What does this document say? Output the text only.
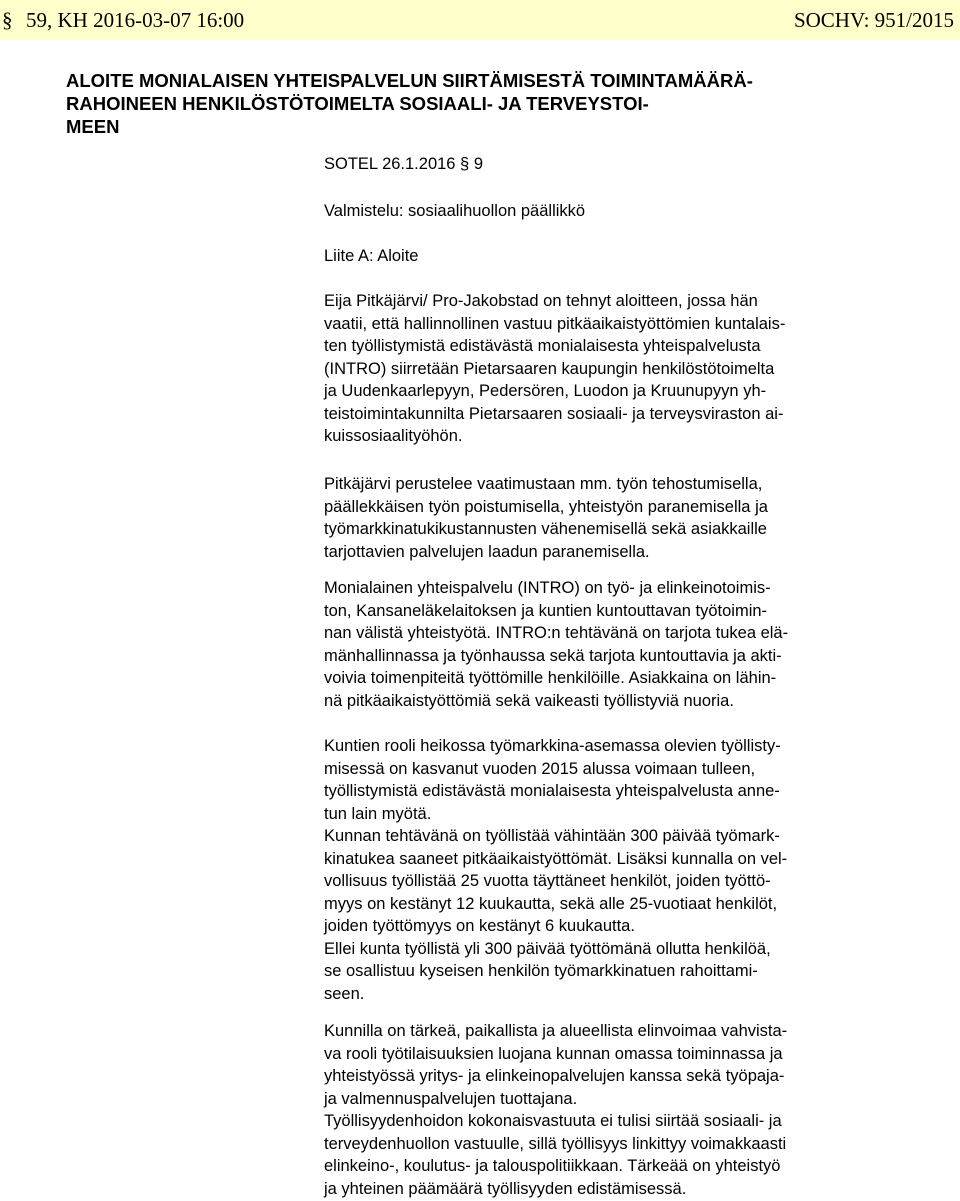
§ 59, KH 2016-03-07 16:00	SOCHV: 951/2015
ALOITE MONIALAISEN YHTEISPALVELUN SIIRTÄMISESTÄ TOIMINTAMÄÄRÄ-
RAHOINEEN HENKILÖSTÖTOIMELTA SOSIAALI- JA TERVEYSTOI-
MEEN
SOTEL 26.1.2016 § 9
Valmistelu: sosiaalihuollon päällikkö
Liite A: Aloite
Eija Pitkäjärvi/ Pro-Jakobstad on tehnyt aloitteen, jossa hän
vaatii, että hallinnollinen vastuu pitkäaikaistyöttömien kuntalais-
ten työllistymistä edistävästä monialaisesta yhteispalvelusta
(INTRO) siirretään Pietarsaaren kaupungin henkilöstötoimelta
ja Uudenkaarlepyyn, Pedersören, Luodon ja Kruunupyyn yh-
teistoimintakunnilta Pietarsaaren sosiaali- ja terveysviraston ai-
kuissosiaalityöhön.
Pitkäjärvi perustelee vaatimustaan mm. työn tehostumisella,
päällekkäisen työn poistumisella, yhteistyön paranemisella ja
työmarkkinatukikustannusten vähenemisellä sekä asiakkaille
tarjottavien palvelujen laadun paranemisella.
Monialainen yhteispalvelu (INTRO) on työ- ja elinkeinotoimis-
ton, Kansaneläkelaitoksen ja kuntien kuntouttavan työtoimin-
nan välistä yhteistyötä. INTRO:n tehtävänä on tarjota tukea elä-
mänhallinnassa ja työnhaussa sekä tarjota kuntouttavia ja akti-
voivia toimenpiteitä työttömille henkilöille. Asiakkaina on lähin-
nä pitkäaikaistyöttömiä sekä vaikeasti työllistyviä nuoria.
Kuntien rooli heikossa työmarkkina-asemassa olevien työllisty-
misessä on kasvanut vuoden 2015 alussa voimaan tulleen,
työllistymistä edistävästä monialaisesta yhteispalvelusta anne-
tun lain myötä.
Kunnan tehtävänä on työllistää vähintään 300 päivää työmark-
kinatukea saaneet pitkäaikaistyöttömät. Lisäksi kunnalla on vel-
vollisuus työllistää 25 vuotta täyttäneet henkilöt, joiden työttö-
myys on kestänyt 12 kuukautta, sekä alle 25-vuotiaat henkilöt,
joiden työttömyys on kestänyt 6 kuukautta.
Ellei kunta työllistä yli 300 päivää työttömänä ollutta henkilöä,
se osallistuu kyseisen henkilön työmarkkinatuen rahoittami-
seen.
Kunnilla on tärkeä, paikallista ja alueellista elinvoimaa vahvista-
va rooli työtilaisuuksien luojana kunnan omassa toiminnassa ja
yhteistyössä yritys- ja elinkeinopalvelujen kanssa sekä työpaja-
ja valmennuspalvelujen tuottajana.
Työllisyydenhoidon kokonaisvastuuta ei tulisi siirtää sosiaali- ja
terveydenhuollon vastuulle, sillä työllisyys linkittyy voimakkaasti
elinkeino-, koulutus- ja talouspolitiikkaan. Tärkeää on yhteistyö
ja yhteinen päämäärä työllisyyden edistämisessä.
